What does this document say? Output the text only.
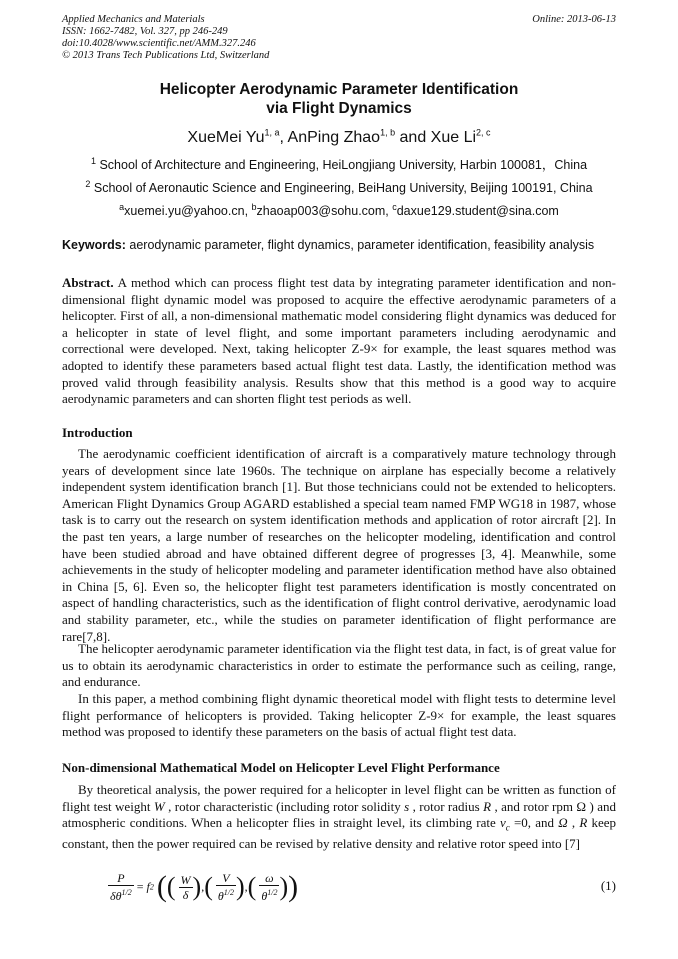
Applied Mechanics and Materials
ISSN: 1662-7482, Vol. 327, pp 246-249
doi:10.4028/www.scientific.net/AMM.327.246
© 2013 Trans Tech Publications Ltd, Switzerland
Online: 2013-06-13
Helicopter Aerodynamic Parameter Identification
via Flight Dynamics
XueMei Yu$^{1, a}$, AnPing Zhao$^{1, b}$ and Xue Li$^{2, c}$
$^1$ School of Architecture and Engineering, HeiLongjiang University, Harbin 100081，China
$^2$ School of Aeronautic Science and Engineering, BeiHang University, Beijing 100191, China
$^a$xuemei.yu@yahoo.cn, $^b$zhaoap003@sohu.com, $^c$daxue129.student@sina.com
Keywords: aerodynamic parameter, flight dynamics, parameter identification, feasibility analysis
Abstract. A method which can process flight test data by integrating parameter identification and non-dimensional flight dynamic model was proposed to acquire the effective aerodynamic parameters of a helicopter. First of all, a non-dimensional mathematic model considering flight dynamics was deduced for a helicopter in state of level flight, and some important parameters including aerodynamic and correctional were developed. Next, taking helicopter Z-9× for example, the least squares method was adopted to identify these parameters based actual flight test data. Lastly, the identification method was proved valid through feasibility analysis. Results show that this method is a good way to acquire aerodynamic parameters and can shorten flight test periods as well.
Introduction
The aerodynamic coefficient identification of aircraft is a comparatively mature technology through years of development since late 1960s. The technique on airplane has especially become a relatively independent system identification branch [1]. But those technicians could not be extended to helicopters. American Flight Dynamics Group AGARD established a special team named FMP WG18 in 1987, whose task is to carry out the research on system identification methods and application of rotor aircraft [2]. In the past ten years, a large number of researches on the helicopter modeling, identification and control have been studied abroad and have obtained different degree of progresses [3, 4]. Meanwhile, some achievements in the study of helicopter modeling and parameter identification method have also obtained in China [5, 6]. Even so, the helicopter flight test parameters identification is mostly concentrated on aspect of handling characteristics, such as the identification of flight control derivative, aerodynamic load and stability parameter, etc., while the studies on parameter identification of flight performance are rare[7,8].
The helicopter aerodynamic parameter identification via the flight test data, in fact, is of great value for us to obtain its aerodynamic characteristics in order to estimate the performance such as ceiling, range, and endurance.
In this paper, a method combining flight dynamic theoretical model with flight tests to determine level flight performance of helicopters is provided. Taking helicopter Z-9× for example, the least squares method was proposed to identify these parameters on the basis of actual flight test data.
Non-dimensional Mathematical Model on Helicopter Level Flight Performance
By theoretical analysis, the power required for a helicopter in level flight can be written as function of flight test weight W , rotor characteristic (including rotor solidity s , rotor radius R , and rotor rpm Ω ) and atmospheric conditions. When a helicopter flies in straight level, its climbing rate $v_c =0$, and Ω , R keep constant, then the power required can be revised by relative density and relative rotor speed into [7]
$\frac{P}{\delta\theta^{1/2}} = f2$ (( $\frac{W}{\delta}$ ),( $\frac{V}{\theta^{1/2}}$ ),( $\frac{\omega}{\theta^{1/2}}$ ))	(1)
